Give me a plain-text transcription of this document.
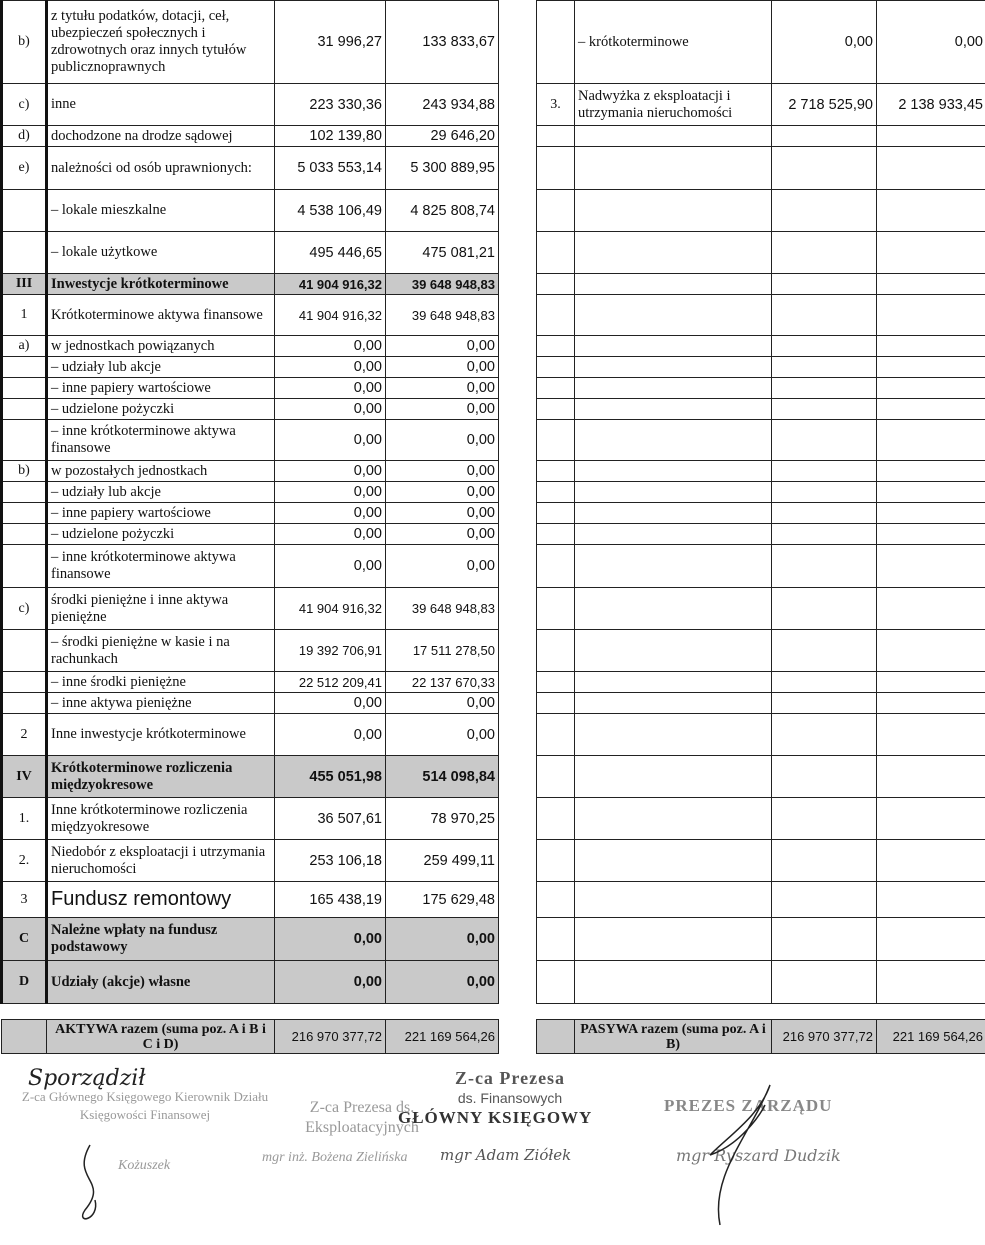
b)	z tytułu podatków, dotacji, ceł, ubezpieczeń społecznych i zdrowotnych oraz innych tytułów publicznoprawnych	31 996,27	133 833,67
c)	inne	223 330,36	243 934,88
d)	dochodzone na drodze sądowej	102 139,80	29 646,20
e)	należności od osób uprawnionych:	5 033 553,14	5 300 889,95
	– lokale mieszkalne	4 538 106,49	4 825 808,74
	– lokale użytkowe	495 446,65	475 081,21
III	Inwestycje krótkoterminowe	41 904 916,32	39 648 948,83
1	Krótkoterminowe aktywa finansowe	41 904 916,32	39 648 948,83
a)	w jednostkach powiązanych	0,00	0,00
	– udziały lub akcje	0,00	0,00
	– inne papiery wartościowe	0,00	0,00
	– udzielone pożyczki	0,00	0,00
	– inne krótkoterminowe aktywa finansowe	0,00	0,00
b)	w pozostałych jednostkach	0,00	0,00
	– udziały lub akcje	0,00	0,00
	– inne papiery wartościowe	0,00	0,00
	– udzielone pożyczki	0,00	0,00
	– inne krótkoterminowe aktywa finansowe	0,00	0,00
c)	środki pieniężne i inne aktywa pieniężne	41 904 916,32	39 648 948,83
	– środki pieniężne w kasie i na rachunkach	19 392 706,91	17 511 278,50
	– inne środki pieniężne	22 512 209,41	22 137 670,33
	– inne aktywa pieniężne	0,00	0,00
2	Inne inwestycje krótkoterminowe	0,00	0,00
IV	Krótkoterminowe rozliczenia międzyokresowe	455 051,98	514 098,84
1.	Inne krótkoterminowe rozliczenia międzyokresowe	36 507,61	78 970,25
2.	Niedobór z eksploatacji i utrzymania nieruchomości	253 106,18	259 499,11
3	Fundusz remontowy	165 438,19	175 629,48
C	Należne wpłaty na fundusz podstawowy	0,00	0,00
D	Udziały (akcje) własne	0,00	0,00

	AKTYWA razem (suma poz. A i B i C i D)	216 970 377,72	221 169 564,26
	– krótkoterminowe	0,00	0,00
3.	Nadwyżka z eksploatacji i utrzymania nieruchomości	2 718 525,90	2 138 933,45

	PASYWA razem (suma poz. A i B)	216 970 377,72	221 169 564,26
Sporządził
Z-ca Głównego Księgowego Kierownik Działu Księgowości Finansowej
Kożuszek
Z-ca Prezesa ds. Eksploatacyjnych
mgr inż. Bożena Zielińska
Z-ca Prezesa
ds. Finansowych
GŁÓWNY KSIĘGOWY
mgr Adam Ziółek
PREZES ZARZĄDU
mgr Ryszard Dudzik
